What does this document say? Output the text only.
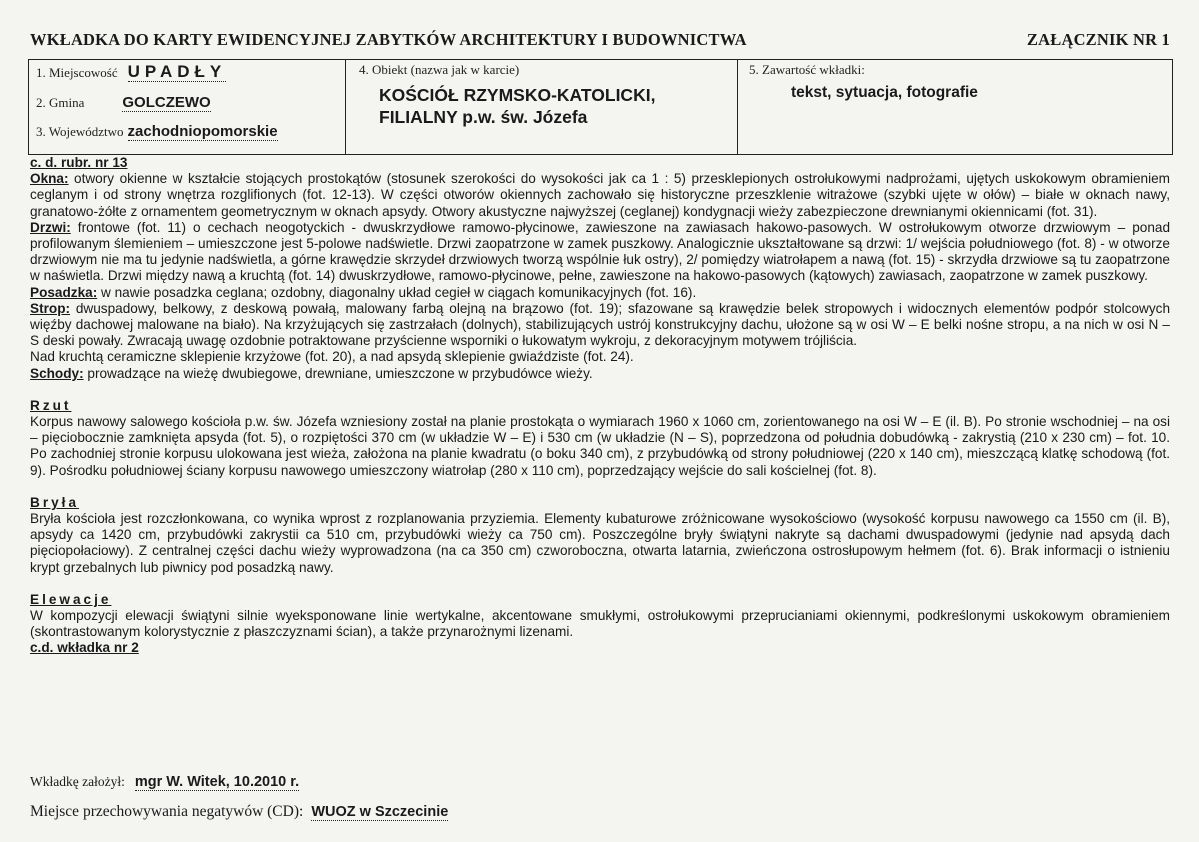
WKŁADKA DO KARTY EWIDENCYJNEJ ZABYTKÓW ARCHITEKTURY I BUDOWNICTWA	ZAŁĄCZNIK NR 1
1. Miejscowość UPADŁY
2. Gmina	GOLCZEWO
3. Województwo zachodniopomorskie
4. Obiekt (nazwa jak w karcie)
KOŚCIÓŁ RZYMSKO-KATOLICKI, FILIALNY p.w. św. Józefa
5. Zawartość wkładki:
tekst, sytuacja, fotografie

c. d. rubr. nr 13

Okna: otwory okienne w kształcie stojących prostokątów (stosunek szerokości do wysokości jak ca 1 : 5) przesklepionych ostrołukowymi nadprożami, ujętych uskokowym obramieniem ceglanym i od strony wnętrza rozglifionych (fot. 12-13). W części otworów okiennych zachowało się historyczne przeszklenie witrażowe (szybki ujęte w ołów) – białe w oknach nawy, granatowo-żółte z ornamentem geometrycznym w oknach apsydy. Otwory akustyczne najwyższej (ceglanej) kondygnacji wieży zabezpieczone drewnianymi okiennicami (fot. 31).

Drzwi: frontowe (fot. 11) o cechach neogotyckich - dwuskrzydłowe ramowo-płycinowe, zawieszone na zawiasach hakowo-pasowych. W ostrołukowym otworze drzwiowym – ponad profilowanym ślemieniem – umieszczone jest 5-polowe nadświetle. Drzwi zaopatrzone w zamek puszkowy. Analogicznie ukształtowane są drzwi: 1/ wejścia południowego (fot. 8) - w otworze drzwiowym nie ma tu jedynie nadświetla, a górne krawędzie skrzydeł drzwiowych tworzą wspólnie łuk ostry), 2/ pomiędzy wiatrołapem a nawą (fot. 15) - skrzydła drzwiowe są tu zaopatrzone w naświetla. Drzwi między nawą a kruchtą (fot. 14) dwuskrzydłowe, ramowo-płycinowe, pełne, zawieszone na hakowo-pasowych (kątowych) zawiasach, zaopatrzone w zamek puszkowy.

Posadzka: w nawie posadzka ceglana; ozdobny, diagonalny układ cegieł w ciągach komunikacyjnych (fot. 16).

Strop: dwuspadowy, belkowy, z deskową powałą, malowany farbą olejną na brązowo (fot. 19); sfazowane są krawędzie belek stropowych i widocznych elementów podpór stolcowych więźby dachowej malowane na biało). Na krzyżujących się zastrzałach (dolnych), stabilizujących ustrój konstrukcyjny dachu, ułożone są w osi W – E belki nośne stropu, a na nich w osi N – S deski powały. Zwracają uwagę ozdobnie potraktowane przyścienne wsporniki o łukowatym wykroju, z dekoracyjnym motywem trójliścia.

Nad kruchtą ceramiczne sklepienie krzyżowe (fot. 20), a nad apsydą sklepienie gwiaździste (fot. 24).

Schody: prowadzące na wieżę dwubiegowe, drewniane, umieszczone w przybudówce wieży.

Rzut

Korpus nawowy salowego kościoła p.w. św. Józefa wzniesiony został na planie prostokąta o wymiarach 1960 x 1060 cm, zorientowanego na osi W – E (il. B). Po stronie wschodniej – na osi – pięciobocznie zamknięta apsyda (fot. 5), o rozpiętości 370 cm (w układzie W – E) i 530 cm (w układzie (N – S), poprzedzona od południa dobudówką - zakrystią (210 x 230 cm) – fot. 10. Po zachodniej stronie korpusu ulokowana jest wieża, założona na planie kwadratu (o boku 340 cm), z przybudówką od strony południowej (220 x 140 cm), mieszczącą klatkę schodową (fot. 9). Pośrodku południowej ściany korpusu nawowego umieszczony wiatrołap (280 x 110 cm), poprzedzający wejście do sali kościelnej (fot. 8).

Bryła

Bryła kościoła jest rozczłonkowana, co wynika wprost z rozplanowania przyziemia. Elementy kubaturowe zróżnicowane wysokościowo (wysokość korpusu nawowego ca 1550 cm (il. B), apsydy ca 1420 cm, przybudówki zakrystii ca 510 cm, przybudówki wieży ca 750 cm). Poszczególne bryły świątyni nakryte są dachami dwuspadowymi (jedynie nad apsydą dach pięciopołaciowy). Z centralnej części dachu wieży wyprowadzona (na ca 350 cm) czworoboczna, otwarta latarnia, zwieńczona ostrosłupowym hełmem (fot. 6). Brak informacji o istnieniu krypt grzebalnych lub piwnicy pod posadzką nawy.

Elewacje

W kompozycji elewacji świątyni silnie wyeksponowane linie wertykalne, akcentowane smukłymi, ostrołukowymi przeprucianiami okiennymi, podkreślonymi uskokowym obramieniem (skontrastowanym kolorystycznie z płaszczyznami ścian), a także przynarożnymi lizenami.

c.d. wkładka nr 2

Wkładkę założył: mgr W. Witek, 10.2010 r.
Miejsce przechowywania negatywów (CD): WUOZ w Szczecinie
